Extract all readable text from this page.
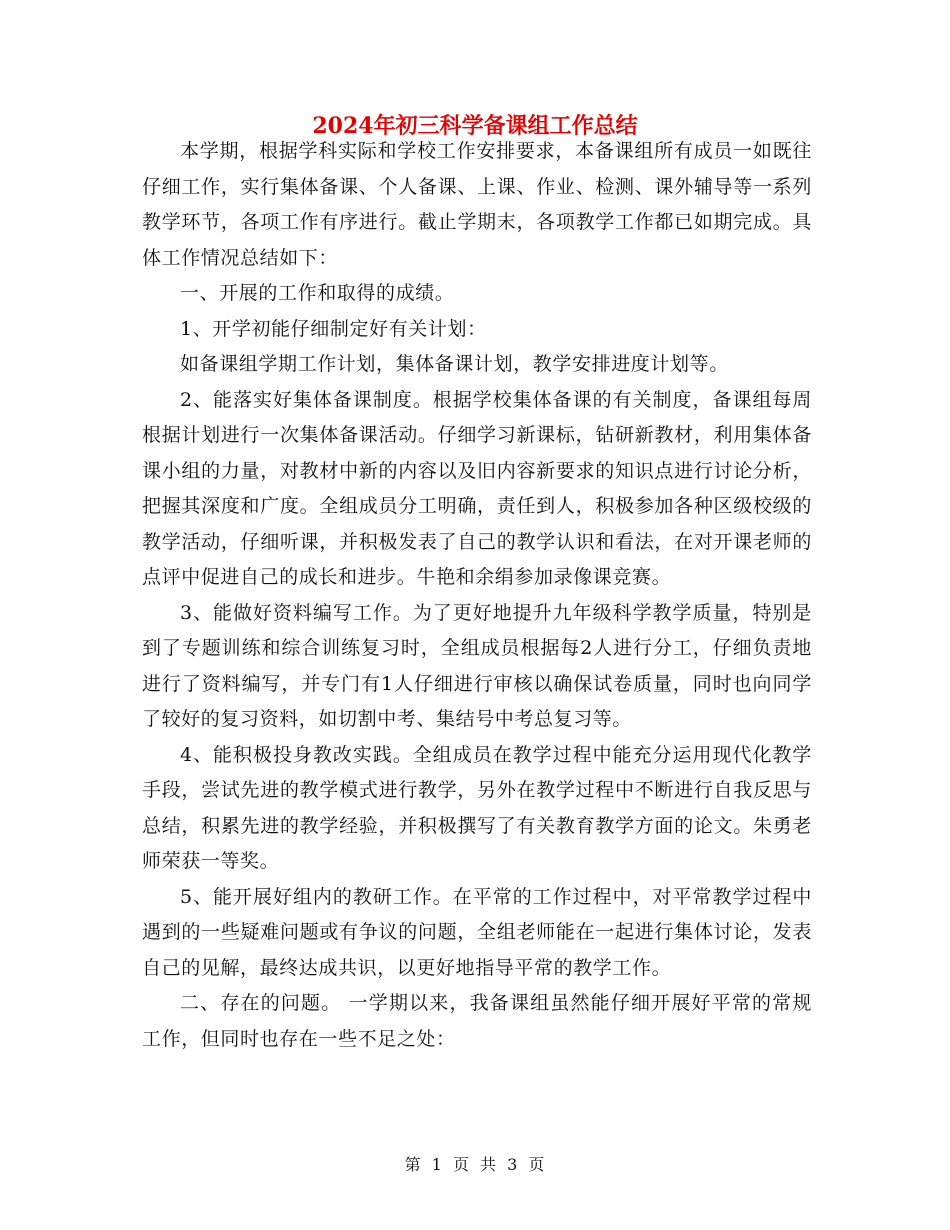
2024年初三科学备课组工作总结

本学期，根据学科实际和学校工作安排要求，本备课组所有成员一如既往仔细工作，实行集体备课、个人备课、上课、作业、检测、课外辅导等一系列教学环节，各项工作有序进行。截止学期末，各项教学工作都已如期完成。具体工作情况总结如下：

一、开展的工作和取得的成绩。

1、开学初能仔细制定好有关计划：

如备课组学期工作计划，集体备课计划，教学安排进度计划等。

2、能落实好集体备课制度。根据学校集体备课的有关制度，备课组每周根据计划进行一次集体备课活动。仔细学习新课标，钻研新教材，利用集体备课小组的力量，对教材中新的内容以及旧内容新要求的知识点进行讨论分析，把握其深度和广度。全组成员分工明确，责任到人，积极参加各种区级校级的教学活动，仔细听课，并积极发表了自己的教学认识和看法，在对开课老师的点评中促进自己的成长和进步。牛艳和余绢参加录像课竞赛。

3、能做好资料编写工作。为了更好地提升九年级科学教学质量，特别是到了专题训练和综合训练复习时，全组成员根据每2人进行分工，仔细负责地进行了资料编写，并专门有1人仔细进行审核以确保试卷质量，同时也向同学了较好的复习资料，如切割中考、集结号中考总复习等。

4、能积极投身教改实践。全组成员在教学过程中能充分运用现代化教学手段，尝试先进的教学模式进行教学，另外在教学过程中不断进行自我反思与总结，积累先进的教学经验，并积极撰写了有关教育教学方面的论文。朱勇老师荣获一等奖。

5、能开展好组内的教研工作。在平常的工作过程中，对平常教学过程中遇到的一些疑难问题或有争议的问题，全组老师能在一起进行集体讨论，发表自己的见解，最终达成共识，以更好地指导平常的教学工作。

二、存在的问题。 一学期以来，我备课组虽然能仔细开展好平常的常规工作，但同时也存在一些不足之处：

第 1 页 共 3 页
